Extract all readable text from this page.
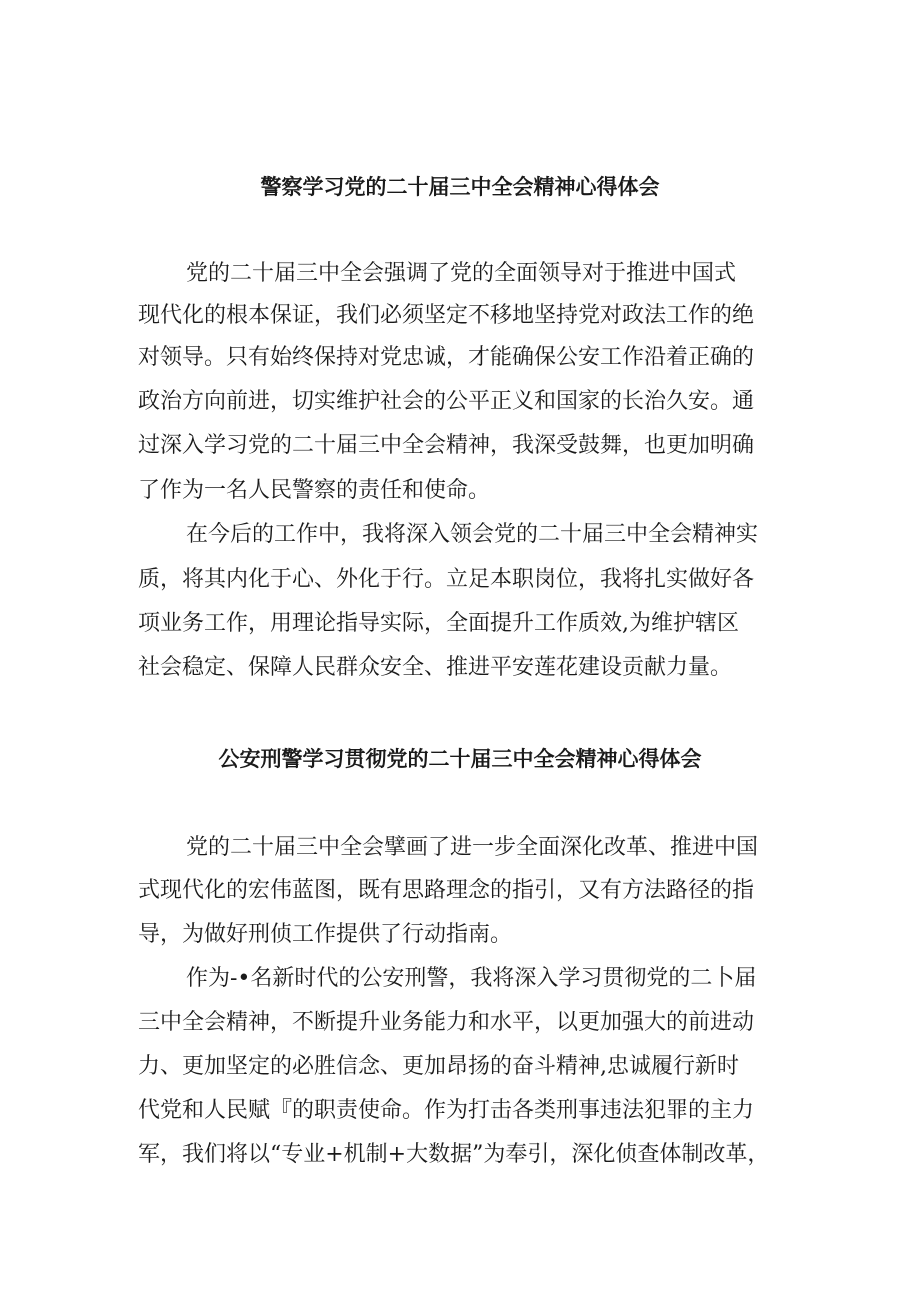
警察学习党的二十届三中全会精神心得体会
党的二十届三中全会强调了党的全面领导对于推进中国式
现代化的根本保证，我们必须坚定不移地坚持党对政法工作的绝
对领导。只有始终保持对党忠诚，才能确保公安工作沿着正确的
政治方向前进，切实维护社会的公平正义和国家的长治久安。通
过深入学习党的二十届三中全会精神，我深受鼓舞，也更加明确
了作为一名人民警察的责任和使命。
在今后的工作中，我将深入领会党的二十届三中全会精神实
质，将其内化于心、外化于行。立足本职岗位，我将扎实做好各
项业务工作，用理论指导实际，全面提升工作质效,为维护辖区
社会稳定、保障人民群众安全、推进平安莲花建设贡献力量。
公安刑警学习贯彻党的二十届三中全会精神心得体会
党的二十届三中全会擘画了进一步全面深化改革、推进中国
式现代化的宏伟蓝图，既有思路理念的指引，又有方法路径的指
导，为做好刑侦工作提供了行动指南。
作为-•名新时代的公安刑警，我将深入学习贯彻党的二卜届
三中全会精神，不断提升业务能力和水平，以更加强大的前进动
力、更加坚定的必胜信念、更加昂扬的奋斗精神,忠诚履行新时
代党和人民赋『的职责使命。作为打击各类刑事违法犯罪的主力
军，我们将以“专业+机制+大数据”为奉引，深化侦查体制改革，
